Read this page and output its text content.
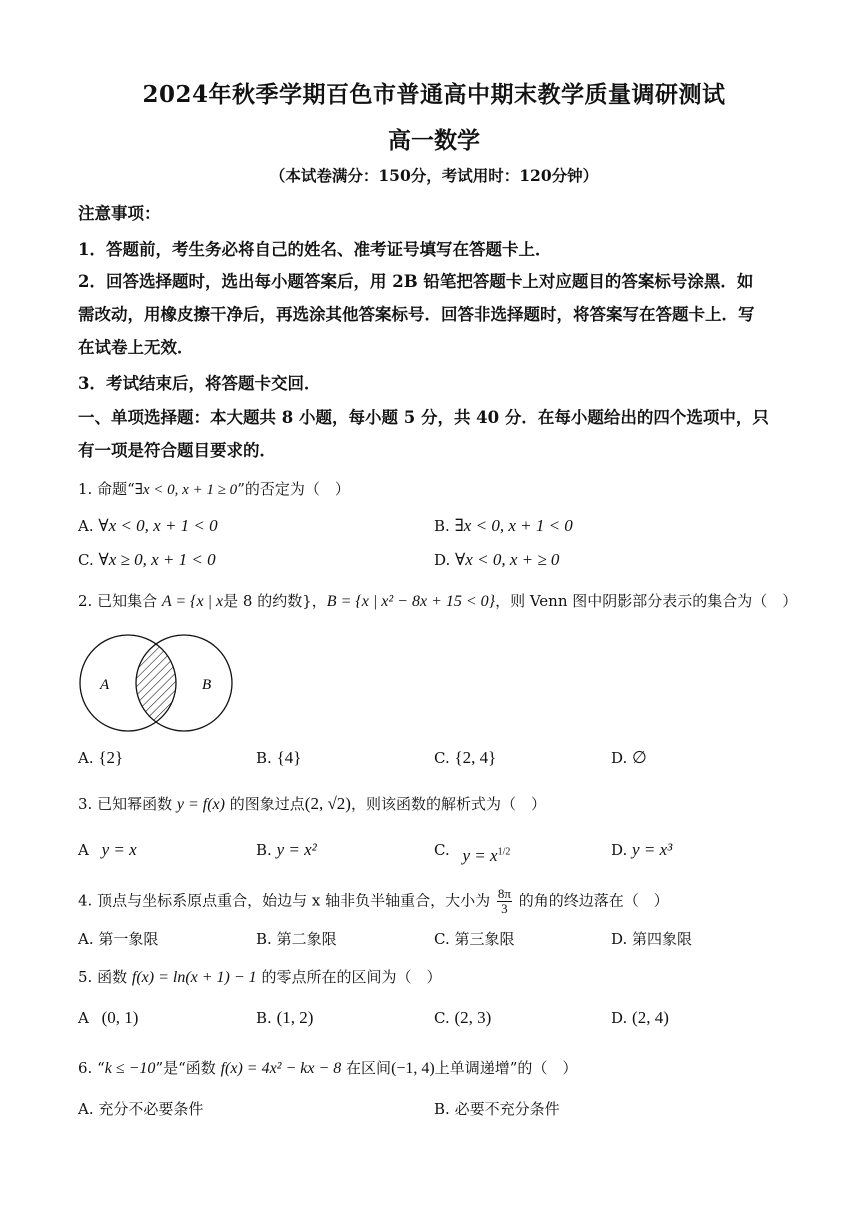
2024年秋季学期百色市普通高中期末教学质量调研测试
高一数学
（本试卷满分：150分，考试用时：120分钟）
注意事项：
1．答题前，考生务必将自己的姓名、准考证号填写在答题卡上．
2．回答选择题时，选出每小题答案后，用 2B 铅笔把答题卡上对应题目的答案标号涂黑．如
需改动，用橡皮擦干净后，再选涂其他答案标号．回答非选择题时，将答案写在答题卡上．写
在试卷上无效．
3．考试结束后，将答题卡交回．
一、单项选择题：本大题共 8 小题，每小题 5 分，共 40 分．在每小题给出的四个选项中，只
有一项是符合题目要求的．
1. 命题“∃x < 0, x + 1 ≥ 0”的否定为（　）
A. ∀x < 0, x + 1 < 0	B. ∃x < 0, x + 1 < 0
C. ∀x ≥ 0, x + 1 < 0	D. ∀x < 0, x + ≥ 0
2. 已知集合 A = {x | x是 8 的约数}，B = {x | x² − 8x + 15 < 0}，则 Venn 图中阴影部分表示的集合为（　）
A	B
A. {2}	B. {4}	C. {2, 4}	D. ∅
3. 已知幂函数 y = f(x) 的图象过点(2, √2)，则该函数的解析式为（　）
A y = x	B. y = x²	C. $y = x^{1/2}$	D. y = x³
4. 顶点与坐标系原点重合，始边与 x 轴非负半轴重合，大小为 $\frac{8\pi}{3}$ 的角的终边落在（　）
A. 第一象限	B. 第二象限	C. 第三象限	D. 第四象限
5. 函数 f(x) = ln(x + 1) − 1 的零点所在的区间为（　）
A (0, 1)	B. (1, 2)	C. (2, 3)	D. (2, 4)
6. “k ≤ −10”是“函数 f(x) = 4x² − kx − 8 在区间(−1, 4)上单调递增”的（　）
A. 充分不必要条件	B. 必要不充分条件
